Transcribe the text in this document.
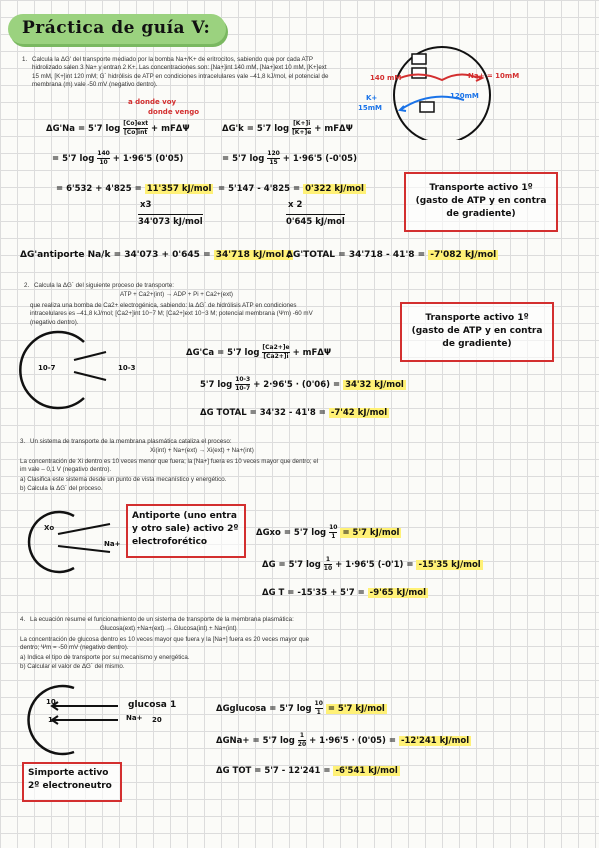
Práctica de guía V:
1. Calcula la ΔG' del transporte mediado por la bomba Na+/K+ de eritrocitos, sabiendo que por cada ATP hidrolizado salen 3 Na+ y entran 2 K+. Las concentraciones son: [Na+]int 140 mM, [Na+]ext 10 mM, [K+]ext 15 mM, [K+]int 120 mM; G´ hidrólisis de ATP en condiciones intracelulares vale –41,8 kJ/mol, el potencial de membrana (m) vale -50 mV (negativo dentro).
140 mM	Na+ = 10mM
K+
15mM
120mM
a donde voy
donde vengo
ΔG'Na = 5'7 $\log \frac{\text{[Co]ext}}{\text{[Co]int}} + mF\Delta\Psi$	ΔG'k = 5'7 $\log \frac{[K+]i}{[K+]e} + mF\Delta\Psi$
= 5'7 $\log \frac{140}{10} + 1\cdot 96'5$ (0'05)	= 5'7 $\log \frac{120}{15} + 1\cdot 96'5$ (-0'05)
= 6'532 + 4'825 = 11'357 kJ/mol = 5'147 - 4'825 = 0'322 kJ/mol
x3	x 2
34'073 kJ/mol	0'645 kJ/mol
Transporte activo 1º (gasto de ATP y en contra de gradiente)
ΔG'antiporte Na/k = 34'073 + 0'645 = 34'718 kJ/mol ;
ΔG'TOTAL = 34'718 - 41'8 = -7'082 kJ/mol
2. Calcula la ΔG´ del siguiente proceso de transporte:
ATP + Ca2+(int) → ADP + Pi + Ca2+(ext)
que realiza una bomba de Ca2+ electrogénica, sabiendo: la ΔG´ de hidrólisis ATP en condiciones intracelulares es –41,8 kJ/mol; [Ca2+]int 10−7 M; [Ca2+]ext 10−3 M; potencial membrana (Ψm) -60 mV (negativo dentro).
10-7	10-3
Transporte activo 1º (gasto de ATP y en contra de gradiente)
ΔG'Ca = 5'7 $\log \frac{[Ca2+]e}{[Ca2+]i} + mF\Delta\Psi$
5'7 $\log \frac{10-3}{10-7} + 2\cdot 96'5 \cdot (0'06) = 34'32$ kJ/mol
ΔG TOTAL = 34'32 - 41'8 = -7'42 kJ/mol
3. Un sistema de transporte de la membrana plasmática cataliza el proceso:
Xi(int) + Na+(ext) → Xi(ext) + Na+(int)
La concentración de Xi dentro es 10 veces menor que fuera; la [Na+] fuera es 10 veces mayor que dentro; el im vale – 0,1 V (negativo dentro).
a) Clasifica este sistema desde un punto de vista mecanístico y energético.
b) Calcula la ΔG´ del proceso.
Xo
Na+
Antiporte (uno entra y otro sale) activo 2º electroforético
ΔGxo = 5'7 $\log \frac{10}{1} = 5'7$ kJ/mol
ΔG = 5'7 $\log \frac{1}{10} + 1\cdot 96'5$ (-0'1) = -15'35 kJ/mol
ΔG T = -15'35 + 5'7 = -9'65 kJ/mol
4. La ecuación resume el funcionamiento de un sistema de transporte de la membrana plasmática:
Glucosa(ext) +Na+(ext) → Glucosa(int) + Na+(int)
La concentración de glucosa dentro es 10 veces mayor que fuera y la [Na+] fuera es 20 veces mayor que dentro; Ψm = -50 mV (negativo dentro).
a) Indica el tipo de transporte por su mecanismo y energética.
b) Calcular el valor de ΔG´ del mismo.
10
1
glucosa 1
Na+ 20
Simporte activo 2º electroneutro
ΔGglucosa = 5'7 $\log \frac{10}{1} = 5'7$ kJ/mol
ΔGNa+ = 5'7 $\log \frac{1}{20} + 1\cdot 96'5 \cdot (0'05) = -12'241$ kJ/mol
ΔG TOT = 5'7 - 12'241 = -6'541 kJ/mol
